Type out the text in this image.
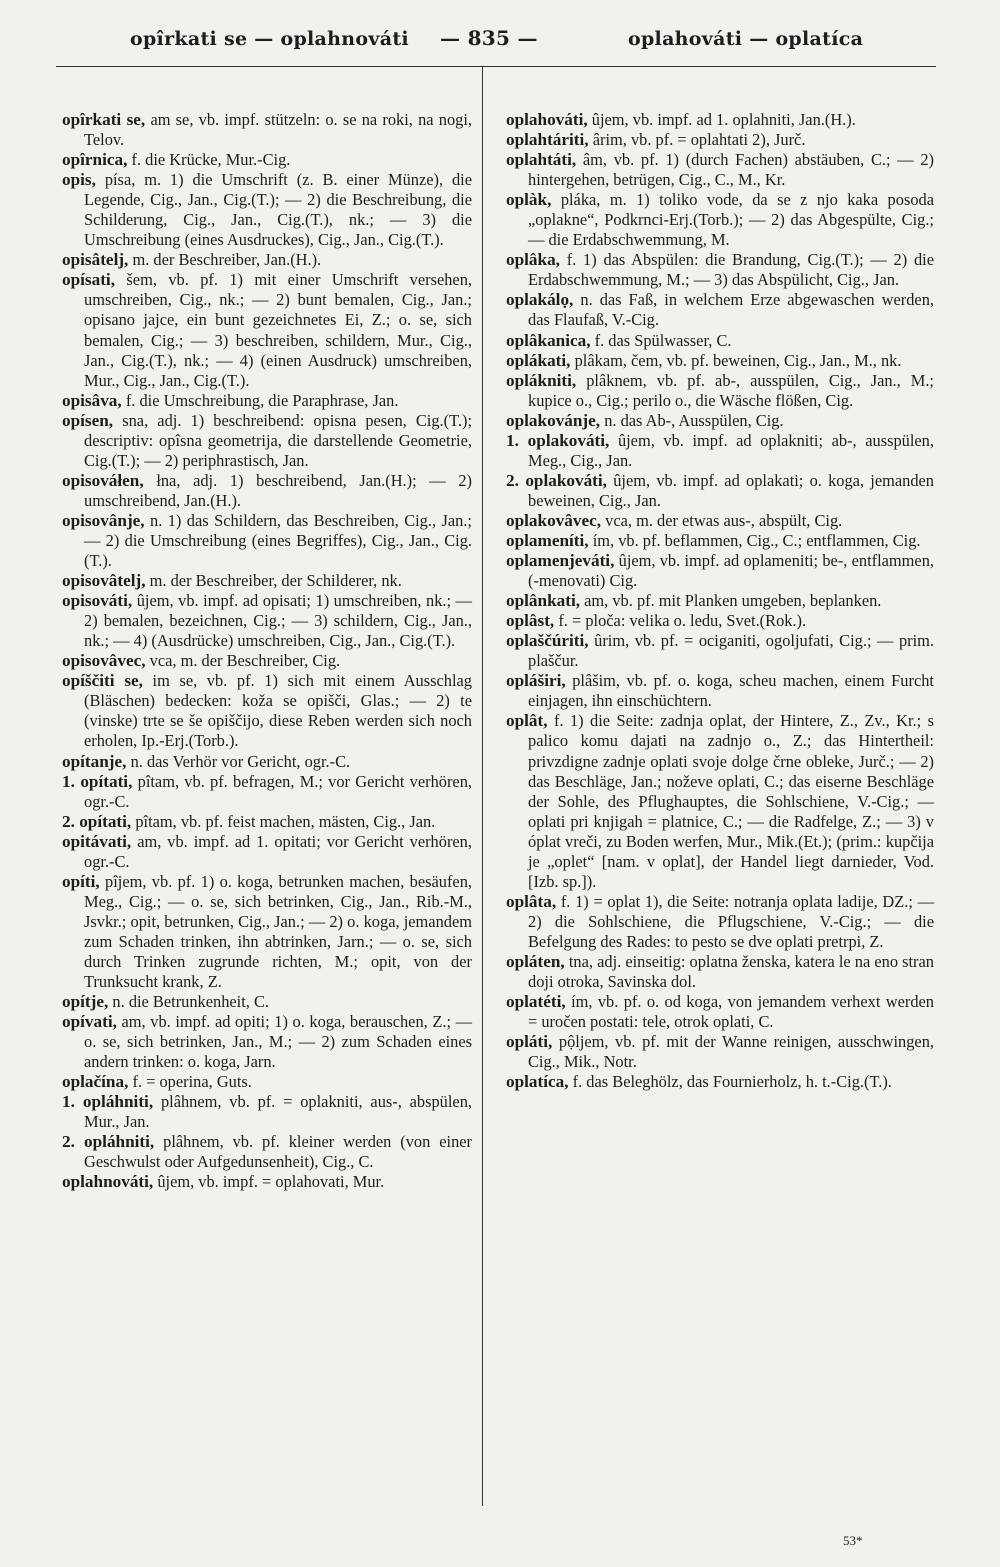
opîrkati se — oplahnováti — 835 —	oplahováti — oplatíca

opîrkati se, am se, vb. impf. stützeln: o. se na roki, na nogi, Telov.

opîrnica, f. die Krücke, Mur.-Cig.

opis, písa, m. 1) die Umschrift (z. B. einer Münze), die Legende, Cig., Jan., Cig.(T.); — 2) die Beschreibung, die Schilderung, Cig., Jan., Cig.(T.), nk.; — 3) die Umschreibung (eines Ausdruckes), Cig., Jan., Cig.(T.).

opisâtelj, m. der Beschreiber, Jan.(H.).

opísati, šem, vb. pf. 1) mit einer Umschrift versehen, umschreiben, Cig., nk.; — 2) bunt bemalen, Cig., Jan.; opisano jajce, ein bunt gezeichnetes Ei, Z.; o. se, sich bemalen, Cig.; — 3) beschreiben, schildern, Mur., Cig., Jan., Cig.(T.), nk.; — 4) (einen Ausdruck) umschreiben, Mur., Cig., Jan., Cig.(T.).

opisâva, f. die Umschreibung, die Paraphrase, Jan.

opísen, sna, adj. 1) beschreibend: opisna pesen, Cig.(T.); descriptiv: opîsna geometrija, die darstellende Geometrie, Cig.(T.); — 2) periphrastisch, Jan.

opisováłen, łna, adj. 1) beschreibend, Jan.(H.); — 2) umschreibend, Jan.(H.).

opisovânje, n. 1) das Schildern, das Beschreiben, Cig., Jan.; — 2) die Umschreibung (eines Begriffes), Cig., Jan., Cig.(T.).

opisovâtelj, m. der Beschreiber, der Schilderer, nk.

opisováti, ûjem, vb. impf. ad opisati; 1) umschreiben, nk.; — 2) bemalen, bezeichnen, Cig.; — 3) schildern, Cig., Jan., nk.; — 4) (Ausdrücke) umschreiben, Cig., Jan., Cig.(T.).

opisovâvec, vca, m. der Beschreiber, Cig.

opíščiti se, im se, vb. pf. 1) sich mit einem Ausschlag (Bläschen) bedecken: koža se opišči, Glas.; — 2) te (vinske) trte se še opiščijo, diese Reben werden sich noch erholen, Ip.-Erj.(Torb.).

opítanje, n. das Verhör vor Gericht, ogr.-C.

1. opítati, pîtam, vb. pf. befragen, M.; vor Gericht verhören, ogr.-C.

2. opítati, pîtam, vb. pf. feist machen, mästen, Cig., Jan.

opitávati, am, vb. impf. ad 1. opitati; vor Gericht verhören, ogr.-C.

opíti, pîjem, vb. pf. 1) o. koga, betrunken machen, besäufen, Meg., Cig.; — o. se, sich betrinken, Cig., Jan., Rib.-M., Jsvkr.; opit, betrunken, Cig., Jan.; — 2) o. koga, jemandem zum Schaden trinken, ihn abtrinken, Jarn.; — o. se, sich durch Trinken zugrunde richten, M.; opit, von der Trunksucht krank, Z.

opítje, n. die Betrunkenheit, C.

opívati, am, vb. impf. ad opiti; 1) o. koga, berauschen, Z.; — o. se, sich betrinken, Jan., M.; — 2) zum Schaden eines andern trinken: o. koga, Jarn.

oplačína, f. = operina, Guts.

1. opláhniti, plâhnem, vb. pf. = oplakniti, aus-, abspülen, Mur., Jan.

2. opláhniti, plâhnem, vb. pf. kleiner werden (von einer Geschwulst oder Aufgedunsenheit), Cig., C.

oplahnováti, ûjem, vb. impf. = oplahovati, Mur.

oplahováti, ûjem, vb. impf. ad 1. oplahniti, Jan.(H.).

oplahtáriti, ârim, vb. pf. = oplahtati 2), Jurč.

oplahtáti, âm, vb. pf. 1) (durch Fachen) abstäuben, C.; — 2) hintergehen, betrügen, Cig., C., M., Kr.

oplàk, pláka, m. 1) toliko vode, da se z njo kaka posoda „oplakne“, Podkrnci-Erj.(Torb.); — 2) das Abgespülte, Cig.; — die Erdabschwemmung, M.

oplâka, f. 1) das Abspülen: die Brandung, Cig.(T.); — 2) die Erdabschwemmung, M.; — 3) das Abspülicht, Cig., Jan.

oplakálọ, n. das Faß, in welchem Erze abgewaschen werden, das Flaufaß, V.-Cig.

oplâkanica, f. das Spülwasser, C.

oplákati, plâkam, čem, vb. pf. beweinen, Cig., Jan., M., nk.

oplákniti, plâknem, vb. pf. ab-, ausspülen, Cig., Jan., M.; kupice o., Cig.; perilo o., die Wäsche flößen, Cig.

oplakovánje, n. das Ab-, Ausspülen, Cig.

1. oplakováti, ûjem, vb. impf. ad oplakniti; ab-, ausspülen, Meg., Cig., Jan.

2. oplakováti, ûjem, vb. impf. ad oplakati; o. koga, jemanden beweinen, Cig., Jan.

oplakovâvec, vca, m. der etwas aus-, abspült, Cig.

oplameníti, ím, vb. pf. beflammen, Cig., C.; entflammen, Cig.

oplamenjeváti, ûjem, vb. impf. ad oplameniti; be-, entflammen, (-menovati) Cig.

oplânkati, am, vb. pf. mit Planken umgeben, beplanken.

oplâst, f. = ploča: velika o. ledu, Svet.(Rok.).

oplaščúriti, ûrim, vb. pf. = ociganiti, ogoljufati, Cig.; — prim. plaščur.

opláširi, plâšim, vb. pf. o. koga, scheu machen, einem Furcht einjagen, ihn einschüchtern.

oplât, f. 1) die Seite: zadnja oplat, der Hintere, Z., Zv., Kr.; s palico komu dajati na zadnjo o., Z.; das Hintertheil: privzdigne zadnje oplati svoje dolge črne obleke, Jurč.; — 2) das Beschläge, Jan.; noževe oplati, C.; das eiserne Beschläge der Sohle, des Pflughauptes, die Sohlschiene, V.-Cig.; — oplati pri knjigah = platnice, C.; — die Radfelge, Z.; — 3) v óplat vreči, zu Boden werfen, Mur., Mik.(Et.); (prim.: kupčija je „oplet“ [nam. v oplat], der Handel liegt darnieder, Vod. [Izb. sp.]).

oplâta, f. 1) = oplat 1), die Seite: notranja oplata ladije, DZ.; — 2) die Sohlschiene, die Pflugschiene, V.-Cig.; — die Befelgung des Rades: to pesto se dve oplati pretrpi, Z.

opláten, tna, adj. einseitig: oplatna ženska, katera le na eno stran doji otroka, Savinska dol.

oplatéti, ím, vb. pf. o. od koga, von jemandem verhext werden = uročen postati: tele, otrok oplati, C.

opláti, pộljem, vb. pf. mit der Wanne reinigen, ausschwingen, Cig., Mik., Notr.

oplatíca, f. das Beleghölz, das Fournierholz, h. t.-Cig.(T.).

53*
